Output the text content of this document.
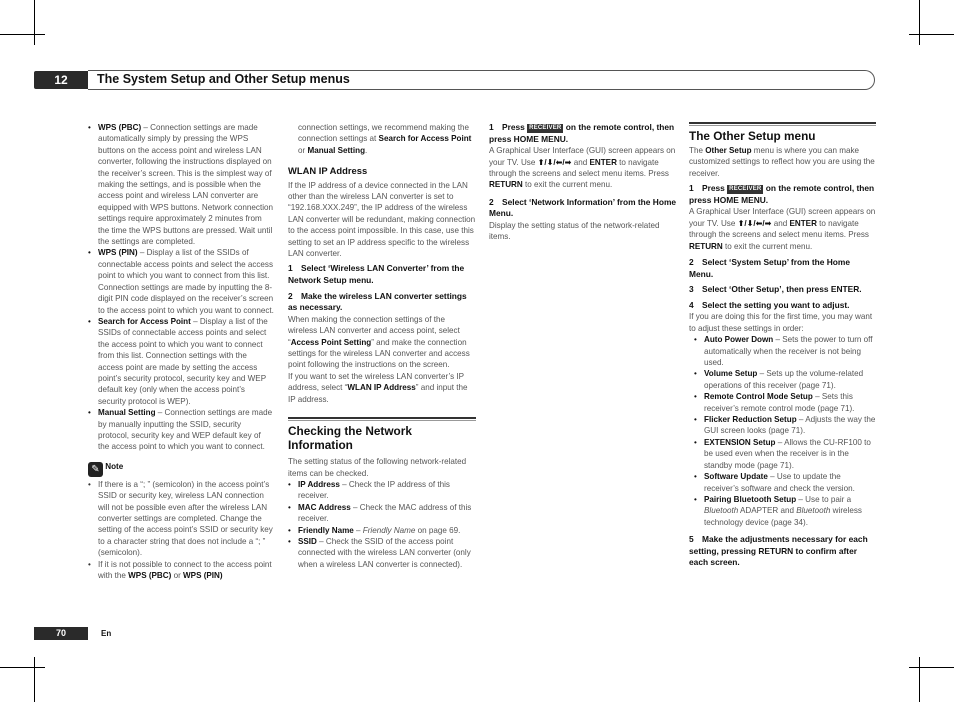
12	The System Setup and Other Setup menus

• WPS (PBC) – Connection settings are made automatically simply by pressing the WPS buttons on the access point and wireless LAN converter, following the instructions displayed on the receiver’s screen. This is the simplest way of making the settings, and is possible when the access point and wireless LAN converter are equipped with WPS buttons. Network connection settings require approximately 2 minutes from the time the WPS buttons are pressed. Wait until the settings are completed.

• WPS (PIN) – Display a list of the SSIDs of connectable access points and select the access point to which you want to connect from this list. Connection settings are made by inputting the 8-digit PIN code displayed on the receiver’s screen to the access point to which you want to connect.

• Search for Access Point – Display a list of the SSIDs of connectable access points and select the access point to which you want to connect from this list. Connection settings with the access point are made by setting the access point’s security protocol, security key and WEP default key (only when the access point’s security protocol is WEP).

• Manual Setting – Connection settings are made by manually inputting the SSID, security protocol, security key and WEP default key of the access point to which you want to connect.

✎ Note

• If there is a “; ” (semicolon) in the access point’s SSID or security key, wireless LAN connection will not be possible even after the wireless LAN converter settings are completed. Change the setting of the access point’s SSID or security key to a character string that does not include a “; ” (semicolon).

• If it is not possible to connect to the access point with the WPS (PBC) or WPS (PIN)

connection settings, we recommend making the connection settings at Search for Access Point or Manual Setting.

WLAN IP Address

If the IP address of a device connected in the LAN other than the wireless LAN converter is set to “192.168.XXX.249”, the IP address of the wireless LAN converter will be redundant, making connection to the access point impossible. In this case, use this setting to set an IP address specific to the wireless LAN converter.

1 Select ‘Wireless LAN Converter’ from the Network Setup menu.

2 Make the wireless LAN converter settings as necessary.

When making the connection settings of the wireless LAN converter and access point, select “Access Point Setting” and make the connection settings for the wireless LAN converter and access point following the instructions on the screen.

If you want to set the wireless LAN converter’s IP address, select “WLAN IP Address” and input the IP address.

Checking the Network Information

The setting status of the following network-related items can be checked.

• IP Address – Check the IP address of this receiver.

• MAC Address – Check the MAC address of this receiver.

• Friendly Name – Friendly Name on page 69.

• SSID – Check the SSID of the access point connected with the wireless LAN converter (only when a wireless LAN converter is connected).

1 Press RECEIVER on the remote control, then press HOME MENU.

A Graphical User Interface (GUI) screen appears on your TV. Use ⬆/⬇/⬅/➡ and ENTER to navigate through the screens and select menu items. Press RETURN to exit the current menu.

2 Select ‘Network Information’ from the Home Menu.

Display the setting status of the network-related items.

The Other Setup menu

The Other Setup menu is where you can make customized settings to reflect how you are using the receiver.

1 Press RECEIVER on the remote control, then press HOME MENU.

A Graphical User Interface (GUI) screen appears on your TV. Use ⬆/⬇/⬅/➡ and ENTER to navigate through the screens and select menu items. Press RETURN to exit the current menu.

2 Select ‘System Setup’ from the Home Menu.

3 Select ‘Other Setup’, then press ENTER.

4 Select the setting you want to adjust.

If you are doing this for the first time, you may want to adjust these settings in order:

• Auto Power Down – Sets the power to turn off automatically when the receiver is not being used.

• Volume Setup – Sets up the volume-related operations of this receiver (page 71).

• Remote Control Mode Setup – Sets this receiver’s remote control mode (page 71).

• Flicker Reduction Setup – Adjusts the way the GUI screen looks (page 71).

• EXTENSION Setup – Allows the CU-RF100 to be used even when the receiver is in the standby mode (page 71).

• Software Update – Use to update the receiver’s software and check the version.

• Pairing Bluetooth Setup – Use to pair a Bluetooth ADAPTER and Bluetooth wireless technology device (page 34).

5 Make the adjustments necessary for each setting, pressing RETURN to confirm after each screen.

70	En
